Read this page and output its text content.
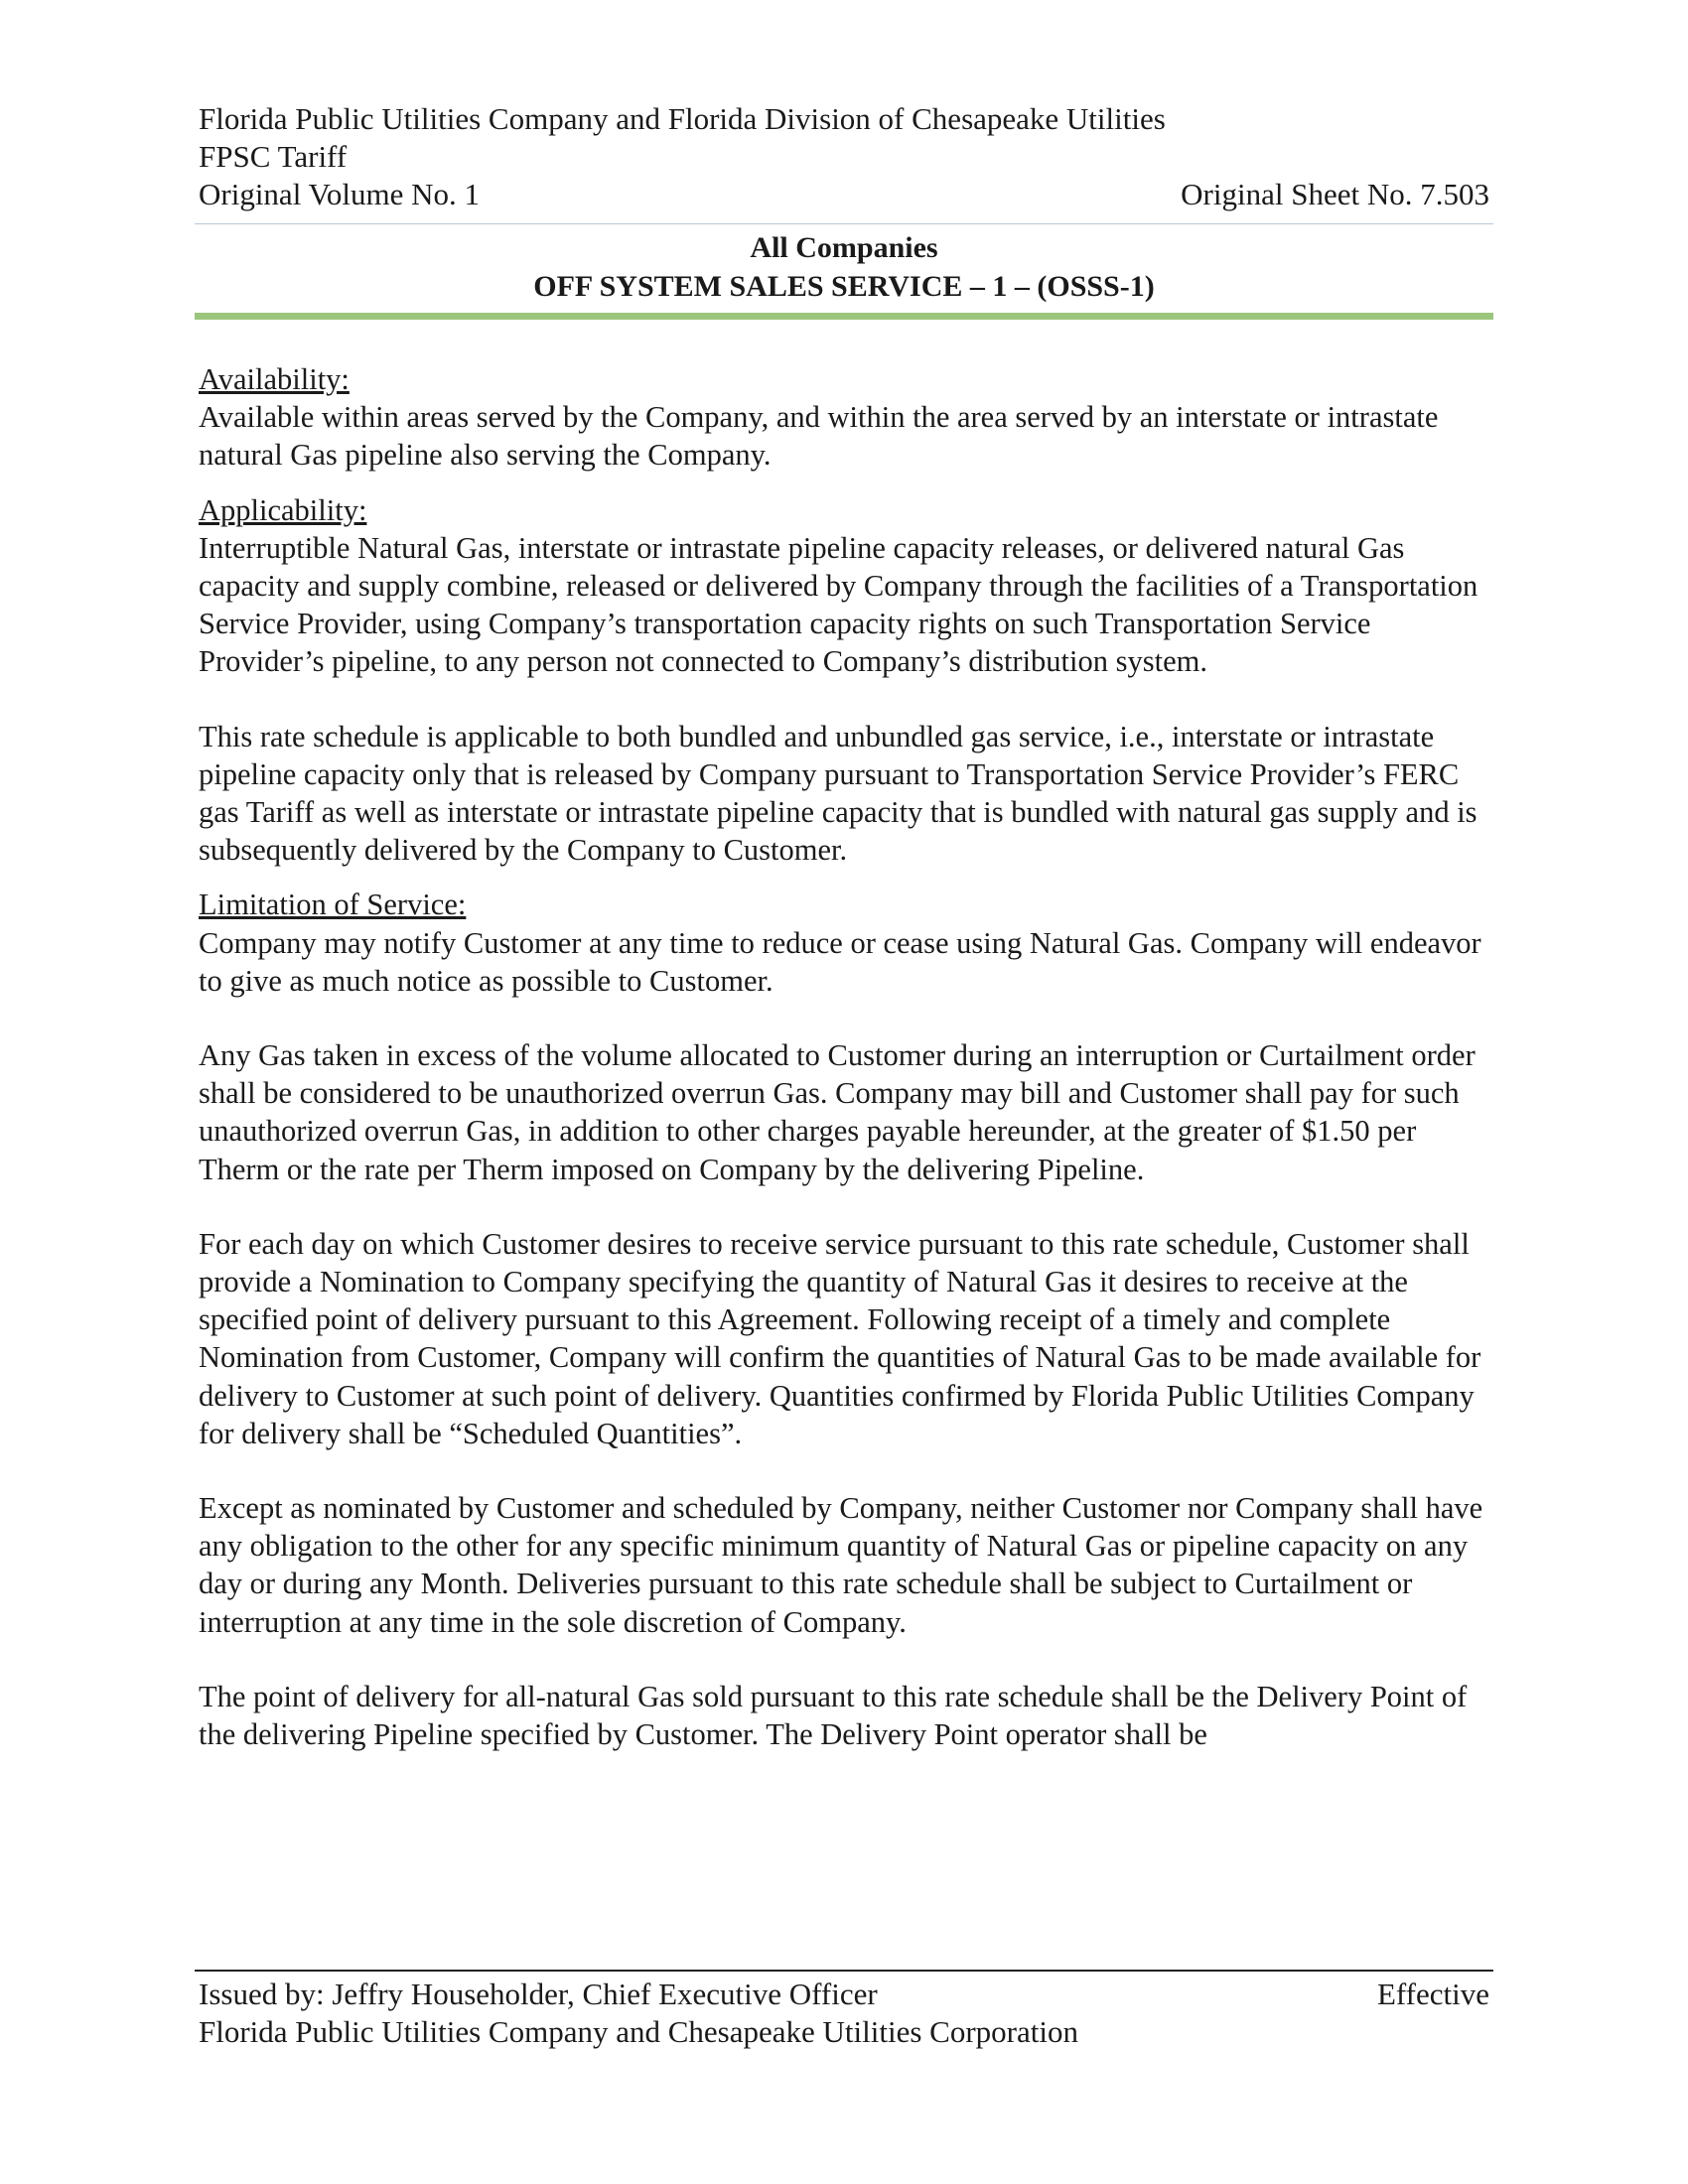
Florida Public Utilities Company and Florida Division of Chesapeake Utilities
FPSC Tariff
Original Volume No. 1	Original Sheet No. 7.503
All Companies
OFF SYSTEM SALES SERVICE – 1 – (OSSS-1)

Availability:

Available within areas served by the Company, and within the area served by an interstate or intrastate natural Gas pipeline also serving the Company.

Applicability:

Interruptible Natural Gas, interstate or intrastate pipeline capacity releases, or delivered natural Gas capacity and supply combine, released or delivered by Company through the facilities of a Transportation Service Provider, using Company’s transportation capacity rights on such Transportation Service Provider’s pipeline, to any person not connected to Company’s distribution system.

This rate schedule is applicable to both bundled and unbundled gas service, i.e., interstate or intrastate pipeline capacity only that is released by Company pursuant to Transportation Service Provider’s FERC gas Tariff as well as interstate or intrastate pipeline capacity that is bundled with natural gas supply and is subsequently delivered by the Company to Customer.

Limitation of Service:

Company may notify Customer at any time to reduce or cease using Natural Gas. Company will endeavor to give as much notice as possible to Customer.

Any Gas taken in excess of the volume allocated to Customer during an interruption or Curtailment order shall be considered to be unauthorized overrun Gas. Company may bill and Customer shall pay for such unauthorized overrun Gas, in addition to other charges payable hereunder, at the greater of $1.50 per Therm or the rate per Therm imposed on Company by the delivering Pipeline.

For each day on which Customer desires to receive service pursuant to this rate schedule, Customer shall provide a Nomination to Company specifying the quantity of Natural Gas it desires to receive at the specified point of delivery pursuant to this Agreement. Following receipt of a timely and complete Nomination from Customer, Company will confirm the quantities of Natural Gas to be made available for delivery to Customer at such point of delivery. Quantities confirmed by Florida Public Utilities Company for delivery shall be “Scheduled Quantities”.

Except as nominated by Customer and scheduled by Company, neither Customer nor Company shall have any obligation to the other for any specific minimum quantity of Natural Gas or pipeline capacity on any day or during any Month. Deliveries pursuant to this rate schedule shall be subject to Curtailment or interruption at any time in the sole discretion of Company.

The point of delivery for all-natural Gas sold pursuant to this rate schedule shall be the Delivery Point of the delivering Pipeline specified by Customer. The Delivery Point operator shall be

Issued by: Jeffry Householder, Chief Executive Officer	Effective
Florida Public Utilities Company and Chesapeake Utilities Corporation
